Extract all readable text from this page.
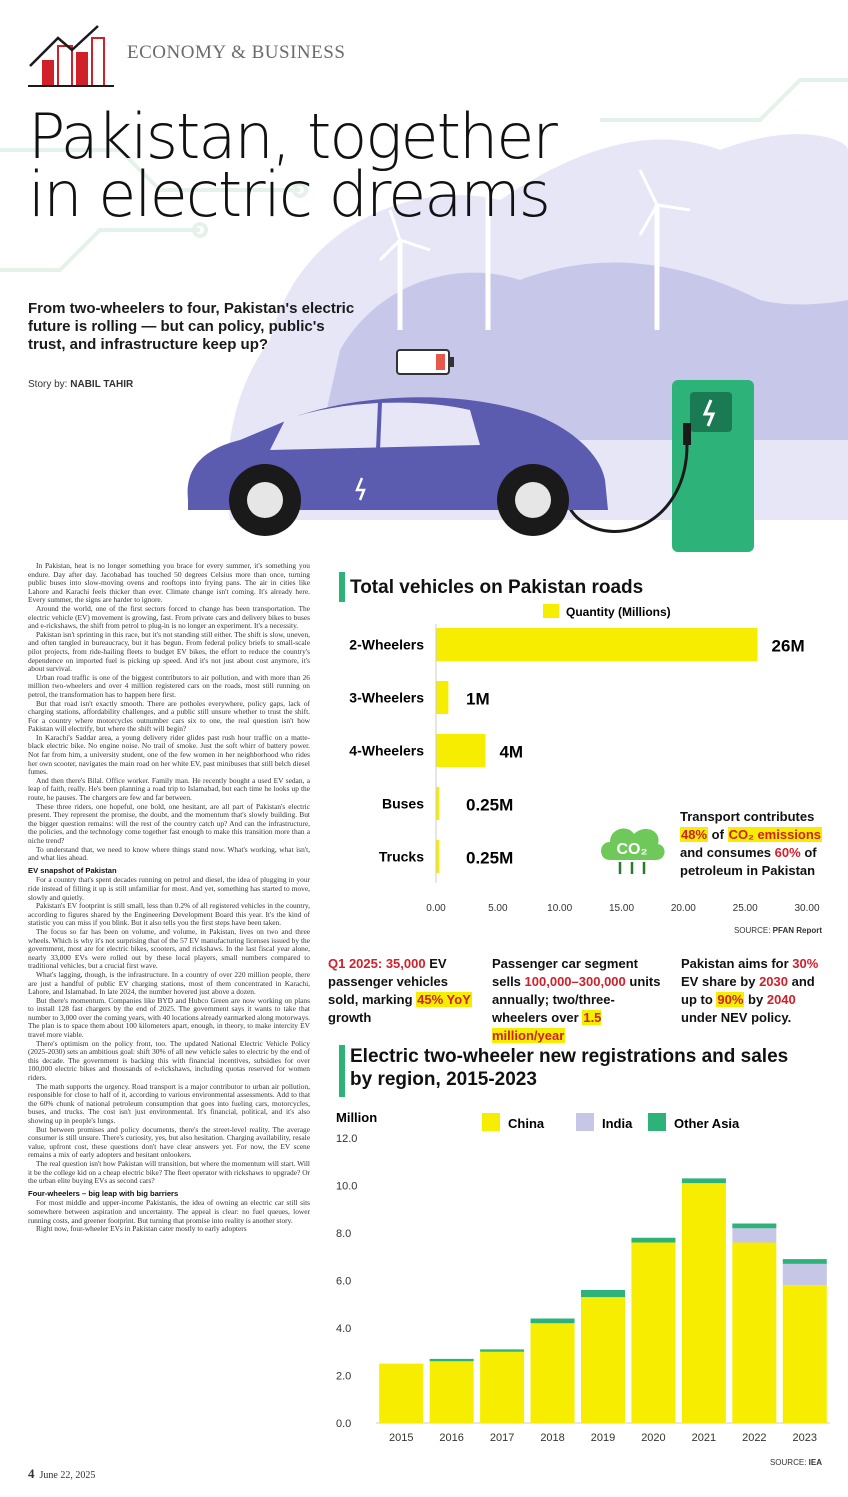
ECONOMY & BUSINESS
Pakistan, together in electric dreams
From two-wheelers to four, Pakistan's electric future is rolling — but can policy, public's trust, and infrastructure keep up?
Story by: NABIL TAHIR

In Pakistan, heat is no longer something you brace for every summer, it's something you endure. Day after day. Jacobabad has touched 50 degrees Celsius more than once, turning public buses into slow-moving ovens and rooftops into frying pans. The air in cities like Lahore and Karachi feels thicker than ever. Climate change isn't coming. It's already here. Every summer, the signs are harder to ignore.

Around the world, one of the first sectors forced to change has been transportation. The electric vehicle (EV) movement is growing, fast. From private cars and delivery bikes to buses and e-rickshaws, the shift from petrol to plug-in is no longer an experiment. It's a necessity.

Pakistan isn't sprinting in this race, but it's not standing still either. The shift is slow, uneven, and often tangled in bureaucracy, but it has begun. From federal policy briefs to small-scale pilot projects, from ride-hailing fleets to budget EV bikes, the effort to reduce the country's dependence on imported fuel is picking up speed. And it's not just about cost anymore, it's about survival.

Urban road traffic is one of the biggest contributors to air pollution, and with more than 26 million two-wheelers and over 4 million registered cars on the roads, most still running on petrol, the transformation has to happen here first.

But that road isn't exactly smooth. There are potholes everywhere, policy gaps, lack of charging stations, affordability challenges, and a public still unsure whether to trust the shift. For a country where motorcycles outnumber cars six to one, the real question isn't how Pakistan will electrify, but where the shift will begin?

In Karachi's Saddar area, a young delivery rider glides past rush hour traffic on a matte-black electric bike. No engine noise. No trail of smoke. Just the soft whirr of battery power. Not far from him, a university student, one of the few women in her neighborhood who rides her own scooter, navigates the main road on her white EV, past minibuses that still belch diesel fumes.

And then there's Bilal. Office worker. Family man. He recently bought a used EV sedan, a leap of faith, really. He's been planning a road trip to Islamabad, but each time he looks up the route, he pauses. The chargers are few and far between.

These three riders, one hopeful, one bold, one hesitant, are all part of Pakistan's electric present. They represent the promise, the doubt, and the momentum that's slowly building. But the bigger question remains: will the rest of the country catch up? And can the infrastructure, the policies, and the technology come together fast enough to make this transition more than a niche trend?

To understand that, we need to know where things stand now. What's working, what isn't, and what lies ahead.

EV snapshot of Pakistan

For a country that's spent decades running on petrol and diesel, the idea of plugging in your ride instead of filling it up is still unfamiliar for most. And yet, something has started to move, slowly and quietly.

Pakistan's EV footprint is still small, less than 0.2% of all registered vehicles in the country, according to figures shared by the Engineering Development Board this year. It's the kind of statistic you can miss if you blink. But it also tells you the first steps have been taken.

The focus so far has been on volume, and volume, in Pakistan, lives on two and three wheels. Which is why it's not surprising that of the 57 EV manufacturing licenses issued by the government, most are for electric bikes, scooters, and rickshaws. In the last fiscal year alone, nearly 33,000 EVs were rolled out by these local players, small numbers compared to traditional vehicles, but a crucial first wave.

What's lagging, though, is the infrastructure. In a country of over 220 million people, there are just a handful of public EV charging stations, most of them concentrated in Karachi, Lahore, and Islamabad. In late 2024, the number hovered just above a dozen.

But there's momentum. Companies like BYD and Hubco Green are now working on plans to install 128 fast chargers by the end of 2025. The government says it wants to take that number to 3,000 over the coming years, with 40 locations already earmarked along motorways. The plan is to space them about 100 kilometers apart, enough, in theory, to make intercity EV travel more viable.

There's optimism on the policy front, too. The updated National Electric Vehicle Policy (2025-2030) sets an ambitious goal: shift 30% of all new vehicle sales to electric by the end of this decade. The government is backing this with financial incentives, subsidies for over 100,000 electric bikes and thousands of e-rickshaws, including quotas reserved for women riders.

The math supports the urgency. Road transport is a major contributor to urban air pollution, responsible for close to half of it, according to various environmental assessments. Add to that the 60% chunk of national petroleum consumption that goes into fueling cars, motorcycles, buses, and trucks. The cost isn't just environmental. It's financial, political, and it's also showing up in people's lungs.

But between promises and policy documents, there's the street-level reality. The average consumer is still unsure. There's curiosity, yes, but also hesitation. Charging availability, resale value, upfront cost, these questions don't have clear answers yet. For now, the EV scene remains a mix of early adopters and hesitant onlookers.

The real question isn't how Pakistan will transition, but where the momentum will start. Will it be the college kid on a cheap electric bike? The fleet operator with rickshaws to upgrade? Or the urban elite buying EVs as second cars?

Four-wheelers – big leap with big barriers

For most middle and upper-income Pakistanis, the idea of owning an electric car still sits somewhere between aspiration and uncertainty. The appeal is clear: no fuel queues, lower running costs, and greener footprint. But turning that promise into reality is another story.

Right now, four-wheeler EVs in Pakistan cater mostly to early adopters

Total vehicles on Pakistan roads
Quantity (Millions)
2-Wheelers	26M
3-Wheelers 1M
4-Wheelers	4M
Buses 0.25M
Trucks 0.25M
0.00	5.00	10.00	15.00	20.00	25.00	30.00
SOURCE: PFAN Report
CO₂
Transport contributes 48% of CO₂ emissions and consumes 60% of petroleum in Pakistan
Q1 2025: 35,000 EV passenger vehicles sold, marking 45% YoY growth
Passenger car segment sells 100,000–300,000 units annually; two/three-wheelers over 1.5 million/year
Pakistan aims for 30% EV share by 2030 and up to 90% by 2040 under NEV policy.
Electric two-wheeler new registrations and sales by region, 2015-2023
Million	China	India	Other Asia
0.0
2.0
4.0
6.0
8.0
10.0
12.0
2015 2016 2017 2018 2019 2020 2021 2022 2023
SOURCE: IEA
4 June 22, 2025
